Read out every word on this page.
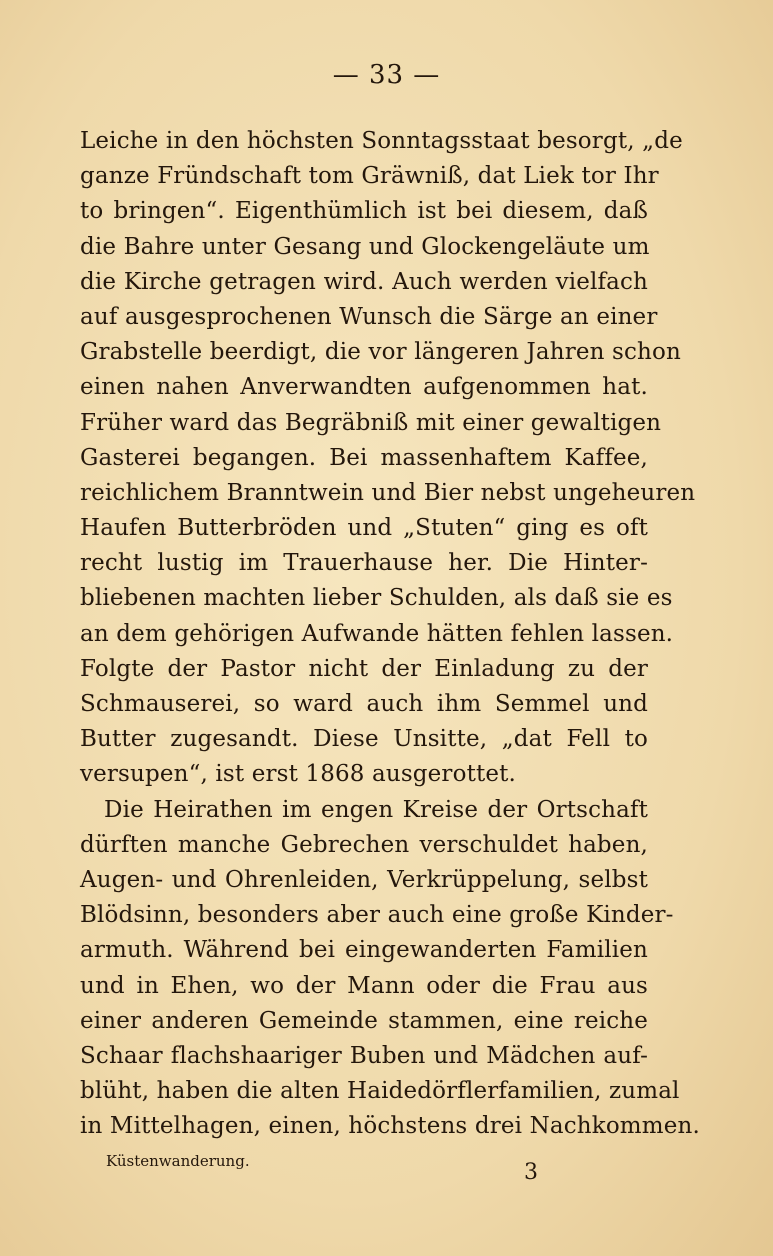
— 33 —
Leiche in den höchsten Sonntagsstaat besorgt, „de
ganze Fründschaft tom Gräwniß, dat Liek tor Ihr
to bringen“. Eigenthümlich ist bei diesem, daß
die Bahre unter Gesang und Glockengeläute um
die Kirche getragen wird. Auch werden vielfach
auf ausgesprochenen Wunsch die Särge an einer
Grabstelle beerdigt, die vor längeren Jahren schon
einen nahen Anverwandten aufgenommen hat.
Früher ward das Begräbniß mit einer gewaltigen
Gasterei begangen. Bei massenhaftem Kaffee,
reichlichem Branntwein und Bier nebst ungeheuren
Haufen Butterbröden und „Stuten“ ging es oft
recht lustig im Trauerhause her. Die Hinter-
bliebenen machten lieber Schulden, als daß sie es
an dem gehörigen Aufwande hätten fehlen lassen.
Folgte der Pastor nicht der Einladung zu der
Schmauserei, so ward auch ihm Semmel und
Butter zugesandt. Diese Unsitte, „dat Fell to
versupen“, ist erst 1868 ausgerottet.
Die Heirathen im engen Kreise der Ortschaft
dürften manche Gebrechen verschuldet haben,
Augen- und Ohrenleiden, Verkrüppelung, selbst
Blödsinn, besonders aber auch eine große Kinder-
armuth. Während bei eingewanderten Familien
und in Ehen, wo der Mann oder die Frau aus
einer anderen Gemeinde stammen, eine reiche
Schaar flachshaariger Buben und Mädchen auf-
blüht, haben die alten Haidedörflerfamilien, zumal
in Mittelhagen, einen, höchstens drei Nachkommen.
Küstenwanderung.	3
